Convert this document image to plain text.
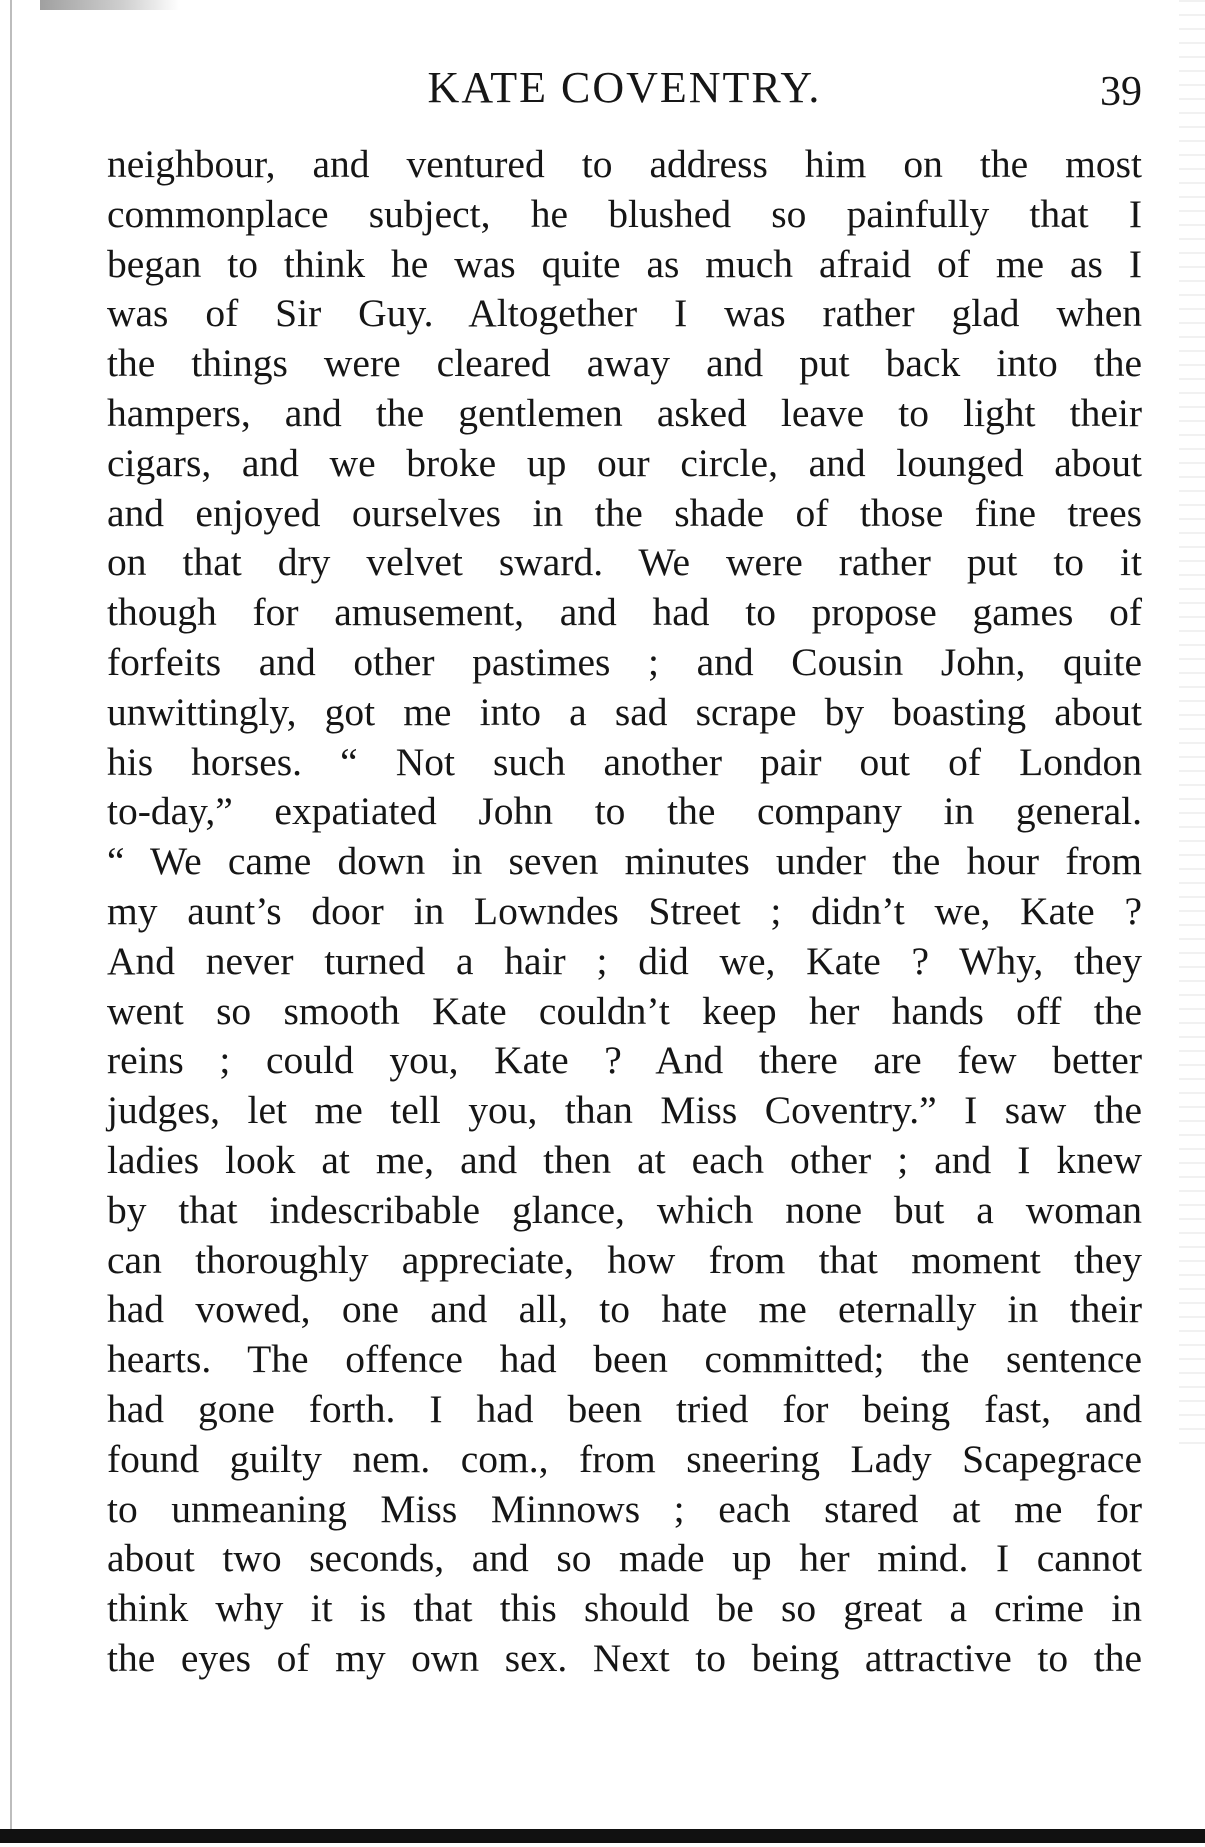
KATE COVENTRY.	39
neighbour, and ventured to address him on the most
commonplace subject, he blushed so painfully that I
began to think he was quite as much afraid of me as I
was of Sir Guy. Altogether I was rather glad when
the things were cleared away and put back into the
hampers, and the gentlemen asked leave to light their
cigars, and we broke up our circle, and lounged about
and enjoyed ourselves in the shade of those fine trees
on that dry velvet sward. We were rather put to it
though for amusement, and had to propose games of
forfeits and other pastimes ; and Cousin John, quite
unwittingly, got me into a sad scrape by boasting about
his horses. “ Not such another pair out of London
to-day,” expatiated John to the company in general.
“ We came down in seven minutes under the hour from
my aunt’s door in Lowndes Street ; didn’t we, Kate ?
And never turned a hair ; did we, Kate ? Why, they
went so smooth Kate couldn’t keep her hands off the
reins ; could you, Kate ? And there are few better
judges, let me tell you, than Miss Coventry.” I saw the
ladies look at me, and then at each other ; and I knew
by that indescribable glance, which none but a woman
can thoroughly appreciate, how from that moment they
had vowed, one and all, to hate me eternally in their
hearts. The offence had been committed; the sentence
had gone forth. I had been tried for being fast, and
found guilty nem. com., from sneering Lady Scapegrace
to unmeaning Miss Minnows ; each stared at me for
about two seconds, and so made up her mind. I cannot
think why it is that this should be so great a crime in
the eyes of my own sex. Next to being attractive to the
